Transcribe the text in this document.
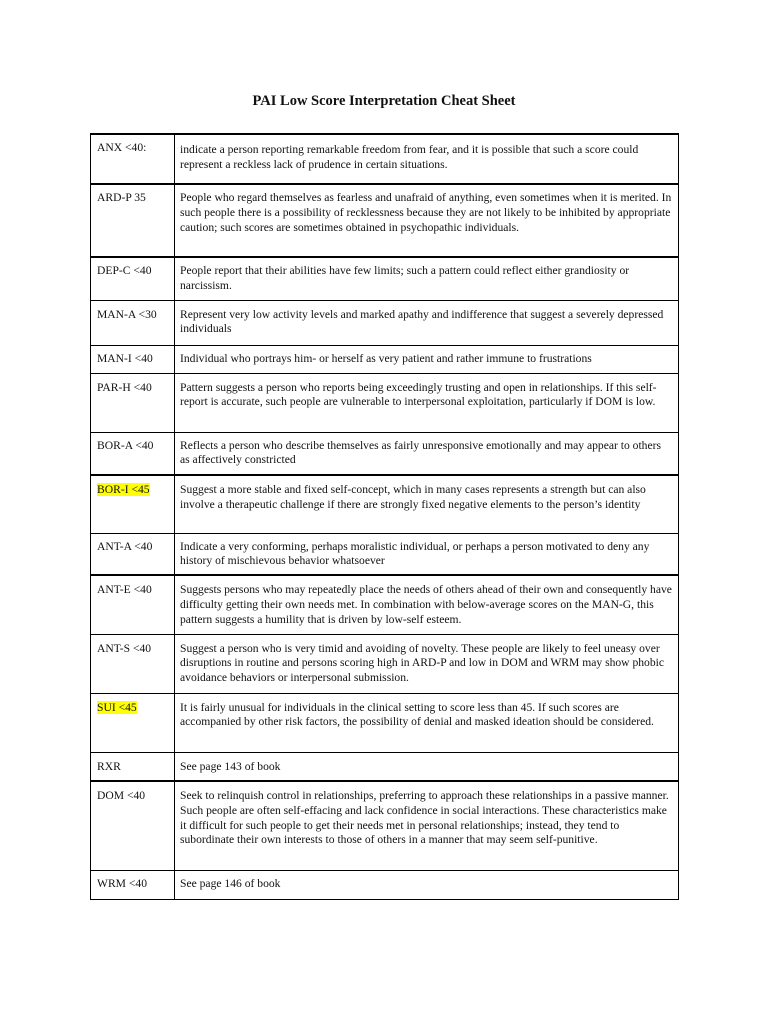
PAI Low Score Interpretation Cheat Sheet
ANX <40:	indicate a person reporting remarkable freedom from fear, and it is possible that such a score could represent a reckless lack of prudence in certain situations.
ARD-P 35	People who regard themselves as fearless and unafraid of anything, even sometimes when it is merited. In such people there is a possibility of recklessness because they are not likely to be inhibited by appropriate caution; such scores are sometimes obtained in psychopathic individuals.
DEP-C <40	People report that their abilities have few limits; such a pattern could reflect either grandiosity or narcissism.
MAN-A <30	Represent very low activity levels and marked apathy and indifference that suggest a severely depressed individuals
MAN-I <40	Individual who portrays him- or herself as very patient and rather immune to frustrations
PAR-H <40	Pattern suggests a person who reports being exceedingly trusting and open in relationships. If this self-report is accurate, such people are vulnerable to interpersonal exploitation, particularly if DOM is low.
BOR-A <40	Reflects a person who describe themselves as fairly unresponsive emotionally and may appear to others as affectively constricted
BOR-I <45	Suggest a more stable and fixed self-concept, which in many cases represents a strength but can also involve a therapeutic challenge if there are strongly fixed negative elements to the person’s identity
ANT-A <40	Indicate a very conforming, perhaps moralistic individual, or perhaps a person motivated to deny any history of mischievous behavior whatsoever
ANT-E <40	Suggests persons who may repeatedly place the needs of others ahead of their own and consequently have difficulty getting their own needs met. In combination with below-average scores on the MAN-G, this pattern suggests a humility that is driven by low-self esteem.
ANT-S <40	Suggest a person who is very timid and avoiding of novelty. These people are likely to feel uneasy over disruptions in routine and persons scoring high in ARD-P and low in DOM and WRM may show phobic avoidance behaviors or interpersonal submission.
SUI <45	It is fairly unusual for individuals in the clinical setting to score less than 45. If such scores are accompanied by other risk factors, the possibility of denial and masked ideation should be considered.
RXR	See page 143 of book
DOM <40	Seek to relinquish control in relationships, preferring to approach these relationships in a passive manner. Such people are often self-effacing and lack confidence in social interactions. These characteristics make it difficult for such people to get their needs met in personal relationships; instead, they tend to subordinate their own interests to those of others in a manner that may seem self-punitive.
WRM <40	See page 146 of book
